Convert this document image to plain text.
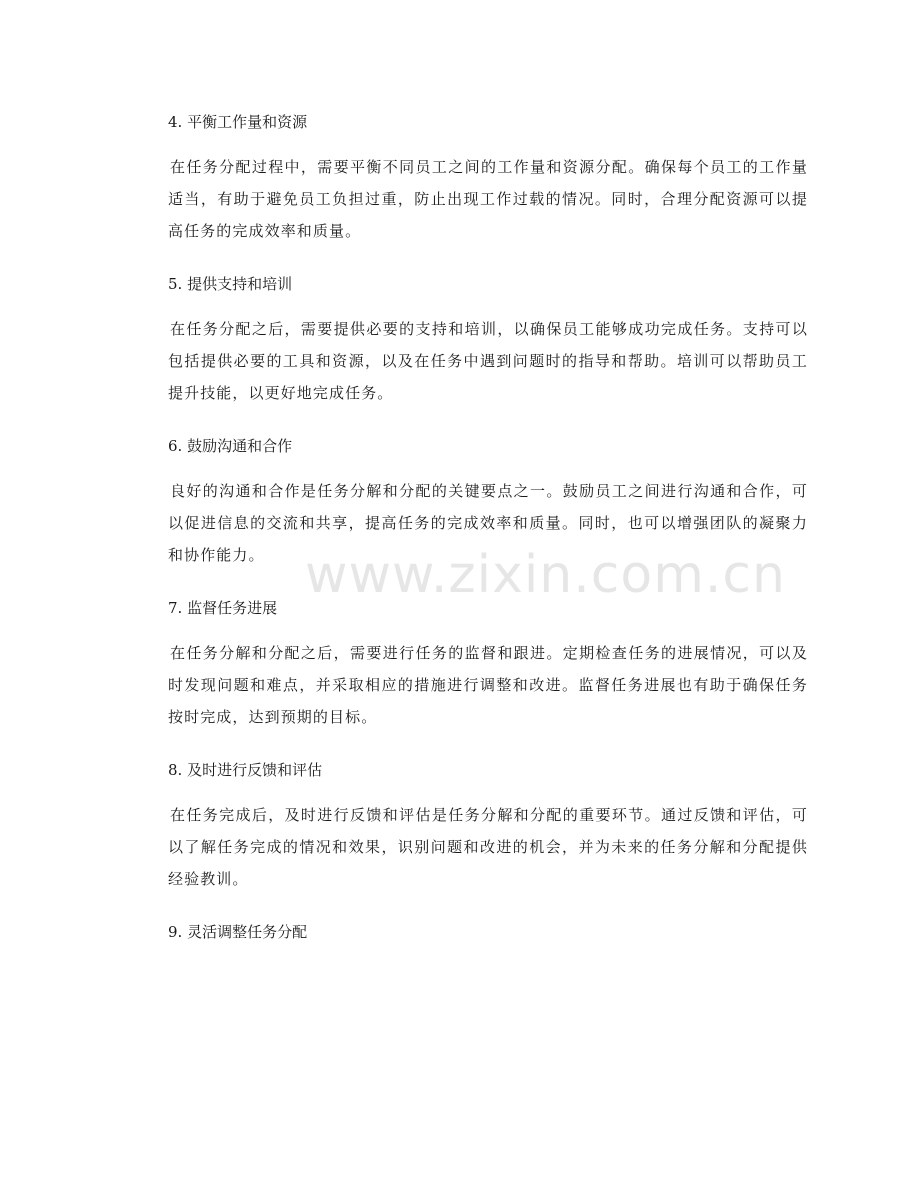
4. 平衡工作量和资源

在任务分配过程中，需要平衡不同员工之间的工作量和资源分配。确保每个员工的工作量适当，有助于避免员工负担过重，防止出现工作过载的情况。同时，合理分配资源可以提高任务的完成效率和质量。

5. 提供支持和培训

在任务分配之后，需要提供必要的支持和培训，以确保员工能够成功完成任务。支持可以包括提供必要的工具和资源，以及在任务中遇到问题时的指导和帮助。培训可以帮助员工提升技能，以更好地完成任务。

6. 鼓励沟通和合作

良好的沟通和合作是任务分解和分配的关键要点之一。鼓励员工之间进行沟通和合作，可以促进信息的交流和共享，提高任务的完成效率和质量。同时，也可以增强团队的凝聚力和协作能力。

7. 监督任务进展

在任务分解和分配之后，需要进行任务的监督和跟进。定期检查任务的进展情况，可以及时发现问题和难点，并采取相应的措施进行调整和改进。监督任务进展也有助于确保任务按时完成，达到预期的目标。

8. 及时进行反馈和评估

在任务完成后，及时进行反馈和评估是任务分解和分配的重要环节。通过反馈和评估，可以了解任务完成的情况和效果，识别问题和改进的机会，并为未来的任务分解和分配提供经验教训。

9. 灵活调整任务分配
www.zixin.com.cn
